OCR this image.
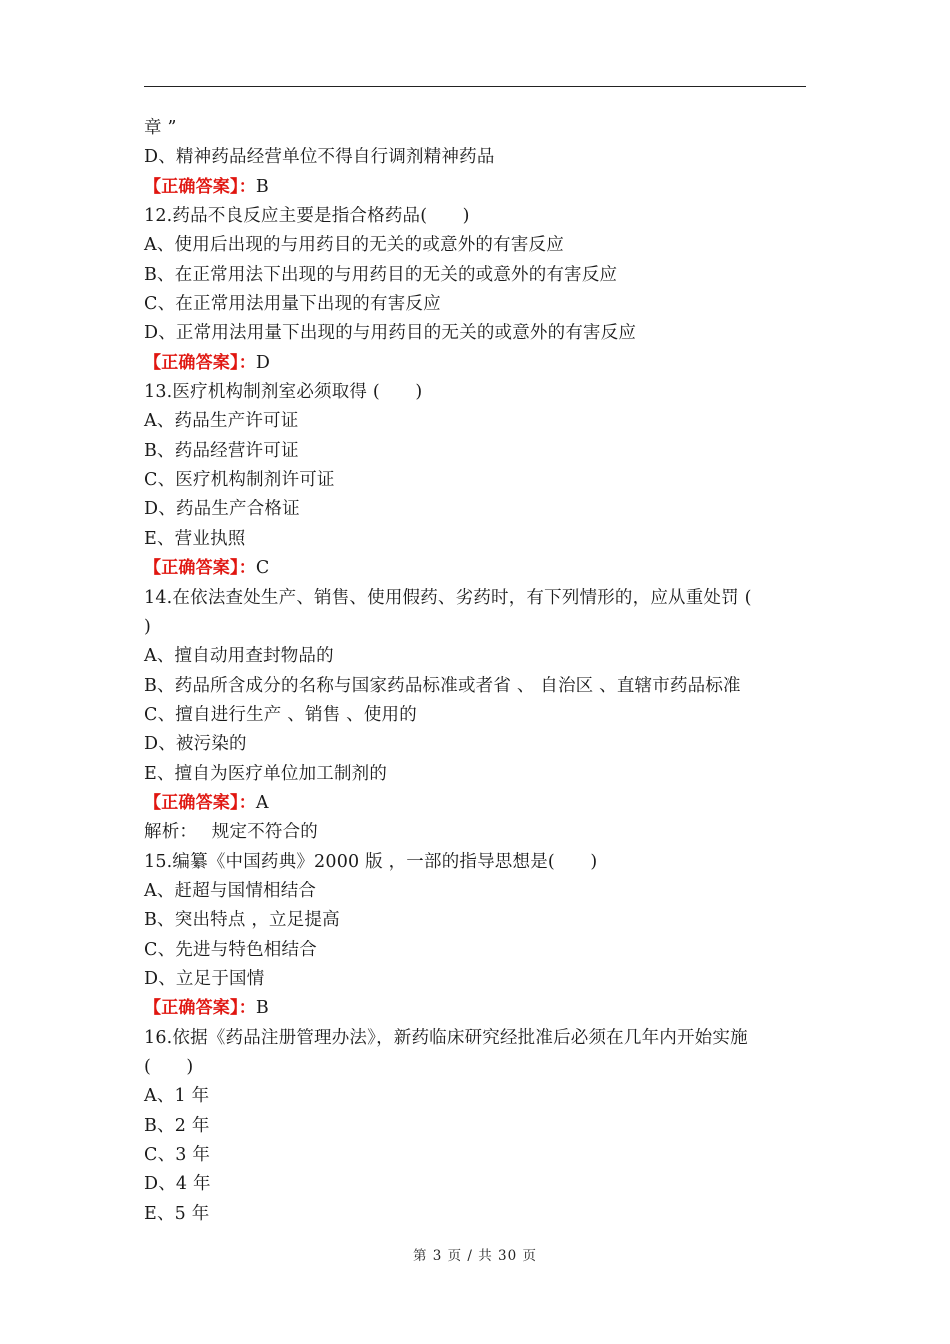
章 ”
D、精神药品经营单位不得自行调剂精神药品
【正确答案】：B
12.药品不良反应主要是指合格药品(　　)
A、使用后出现的与用药目的无关的或意外的有害反应
B、在正常用法下出现的与用药目的无关的或意外的有害反应
C、在正常用法用量下出现的有害反应
D、正常用法用量下出现的与用药目的无关的或意外的有害反应
【正确答案】：D
13.医疗机构制剂室必须取得 (　　)
A、药品生产许可证
B、药品经营许可证
C、医疗机构制剂许可证
D、药品生产合格证
E、营业执照
【正确答案】：C
14.在依法查处生产、销售、使用假药、劣药时，有下列情形的，应从重处罚 (
)
A、擅自动用查封物品的
B、药品所含成分的名称与国家药品标准或者省 、 自治区 、直辖市药品标准
C、擅自进行生产 、销售 、使用的
D、被污染的
E、擅自为医疗单位加工制剂的
【正确答案】：A
解析：　 规定不符合的
15.编纂《中国药典》2000 版 ，一部的指导思想是(　　)
A、赶超与国情相结合
B、突出特点 ，立足提高
C、先进与特色相结合
D、立足于国情
【正确答案】：B
16.依据《药品注册管理办法》，新药临床研究经批准后必须在几年内开始实施
(　　)
A、1 年
B、2 年
C、3 年
D、4 年
E、5 年
第 3 页 / 共 30 页
